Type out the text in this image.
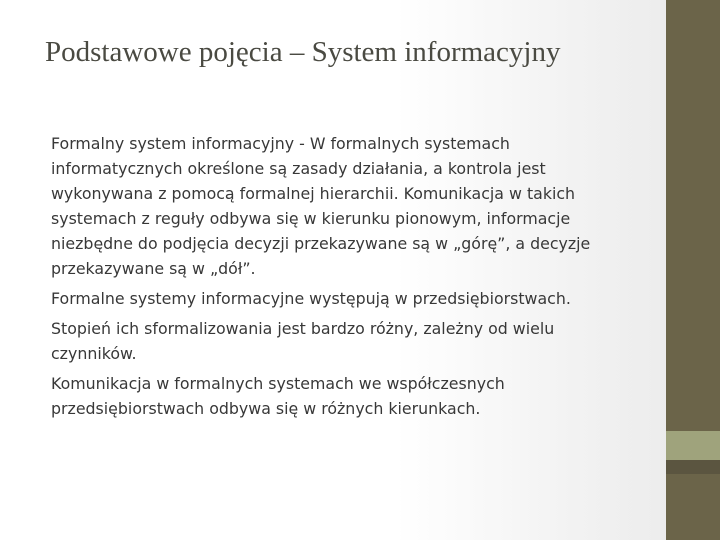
Podstawowe pojęcia – System informacyjny

Formalny system informacyjny - W formalnych systemach informatycznych określone są zasady działania, a kontrola jest wykonywana z pomocą formalnej hierarchii. Komunikacja w takich systemach z reguły odbywa się w kierunku pionowym, informacje niezbędne do podjęcia decyzji przekazywane są w „górę”, a decyzje przekazywane są w „dół”.

Formalne systemy informacyjne występują w przedsiębiorstwach.

Stopień ich sformalizowania jest bardzo różny, zależny od wielu czynników.

Komunikacja w formalnych systemach we współczesnych przedsiębiorstwach odbywa się w różnych kierunkach.
